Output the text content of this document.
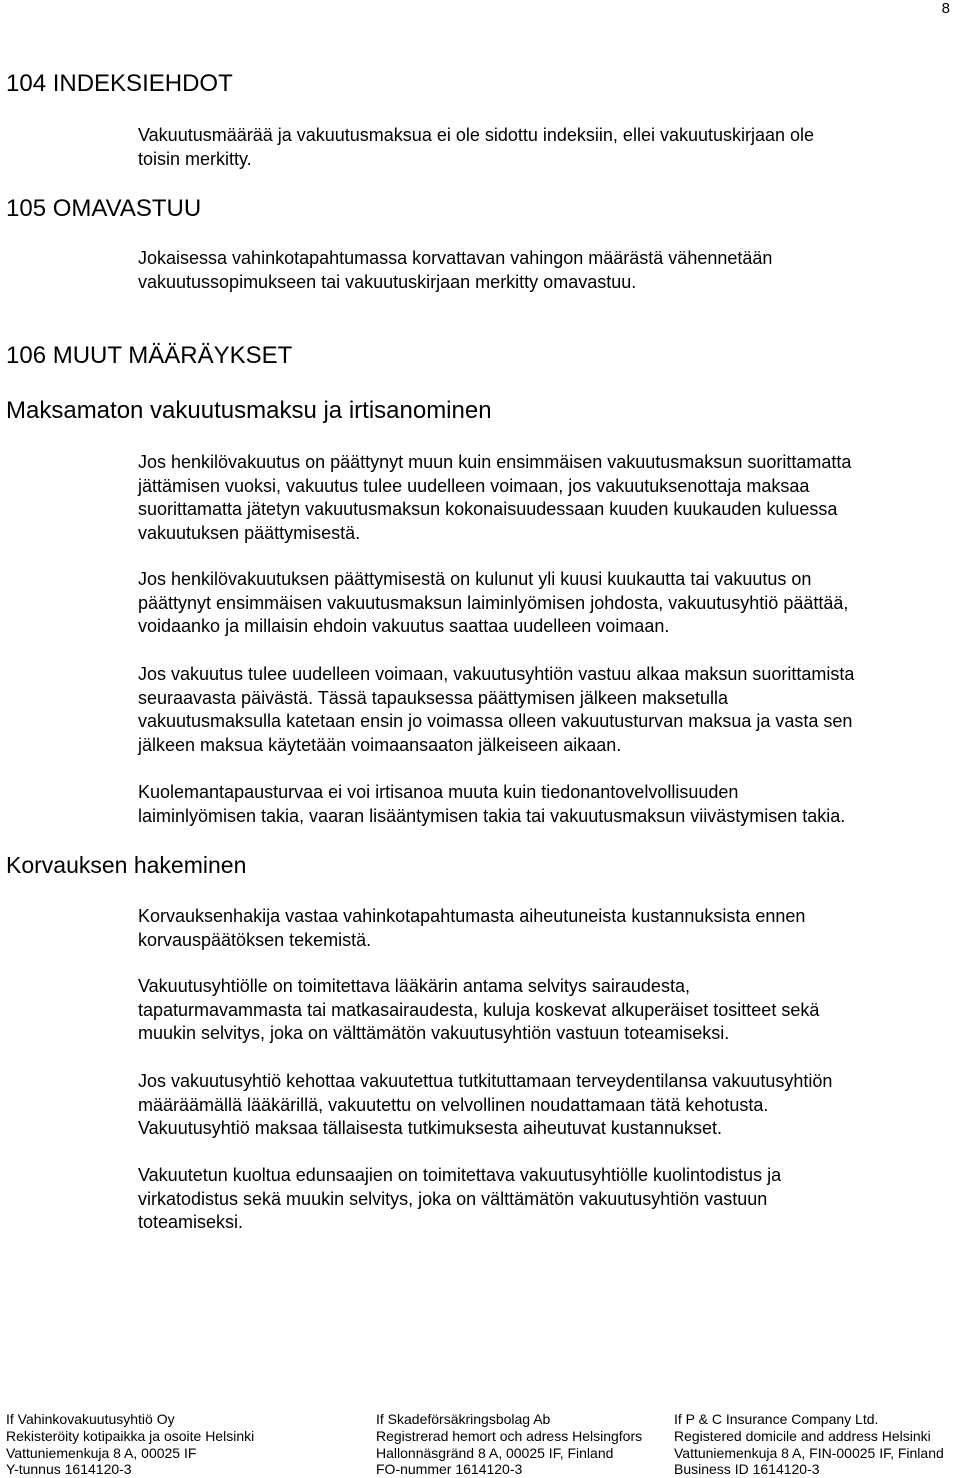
8
104 INDEKSIEHDOT
Vakuutusmäärää ja vakuutusmaksua ei ole sidottu indeksiin, ellei vakuutuskirjaan ole
toisin merkitty.
105 OMAVASTUU
Jokaisessa vahinkotapahtumassa korvattavan vahingon määrästä vähennetään
vakuutussopimukseen tai vakuutuskirjaan merkitty omavastuu.
106 MUUT MÄÄRÄYKSET
Maksamaton vakuutusmaksu ja irtisanominen
Jos henkilövakuutus on päättynyt muun kuin ensimmäisen vakuutusmaksun suorittamatta
jättämisen vuoksi, vakuutus tulee uudelleen voimaan, jos vakuutuksenottaja maksaa
suorittamatta jätetyn vakuutusmaksun kokonaisuudessaan kuuden kuukauden kuluessa
vakuutuksen päättymisestä.
Jos henkilövakuutuksen päättymisestä on kulunut yli kuusi kuukautta tai vakuutus on
päättynyt ensimmäisen vakuutusmaksun laiminlyömisen johdosta, vakuutusyhtiö päättää,
voidaanko ja millaisin ehdoin vakuutus saattaa uudelleen voimaan.
Jos vakuutus tulee uudelleen voimaan, vakuutusyhtiön vastuu alkaa maksun suorittamista
seuraavasta päivästä. Tässä tapauksessa päättymisen jälkeen maksetulla
vakuutusmaksulla katetaan ensin jo voimassa olleen vakuutusturvan maksua ja vasta sen
jälkeen maksua käytetään voimaansaaton jälkeiseen aikaan.
Kuolemantapausturvaa ei voi irtisanoa muuta kuin tiedonantovelvollisuuden
laiminlyömisen takia, vaaran lisääntymisen takia tai vakuutusmaksun viivästymisen takia.
Korvauksen hakeminen
Korvauksenhakija vastaa vahinkotapahtumasta aiheutuneista kustannuksista ennen
korvauspäätöksen tekemistä.
Vakuutusyhtiölle on toimitettava lääkärin antama selvitys sairaudesta,
tapaturmavammasta tai matkasairaudesta, kuluja koskevat alkuperäiset tositteet sekä
muukin selvitys, joka on välttämätön vakuutusyhtiön vastuun toteamiseksi.
Jos vakuutusyhtiö kehottaa vakuutettua tutkituttamaan terveydentilansa vakuutusyhtiön
määräämällä lääkärillä, vakuutettu on velvollinen noudattamaan tätä kehotusta.
Vakuutusyhtiö maksaa tällaisesta tutkimuksesta aiheutuvat kustannukset.
Vakuutetun kuoltua edunsaajien on toimitettava vakuutusyhtiölle kuolintodistus ja
virkatodistus sekä muukin selvitys, joka on välttämätön vakuutusyhtiön vastuun
toteamiseksi.
If Vahinkovakuutusyhtiö Oy
Rekisteröity kotipaikka ja osoite Helsinki
Vattuniemenkuja 8 A, 00025 IF
Y-tunnus 1614120-3
If Skadeförsäkringsbolag Ab
Registrerad hemort och adress Helsingfors
Hallonnäsgränd 8 A, 00025 IF, Finland
FO-nummer 1614120-3
If P & C Insurance Company Ltd.
Registered domicile and address Helsinki
Vattuniemenkuja 8 A, FIN-00025 IF, Finland
Business ID 1614120-3
